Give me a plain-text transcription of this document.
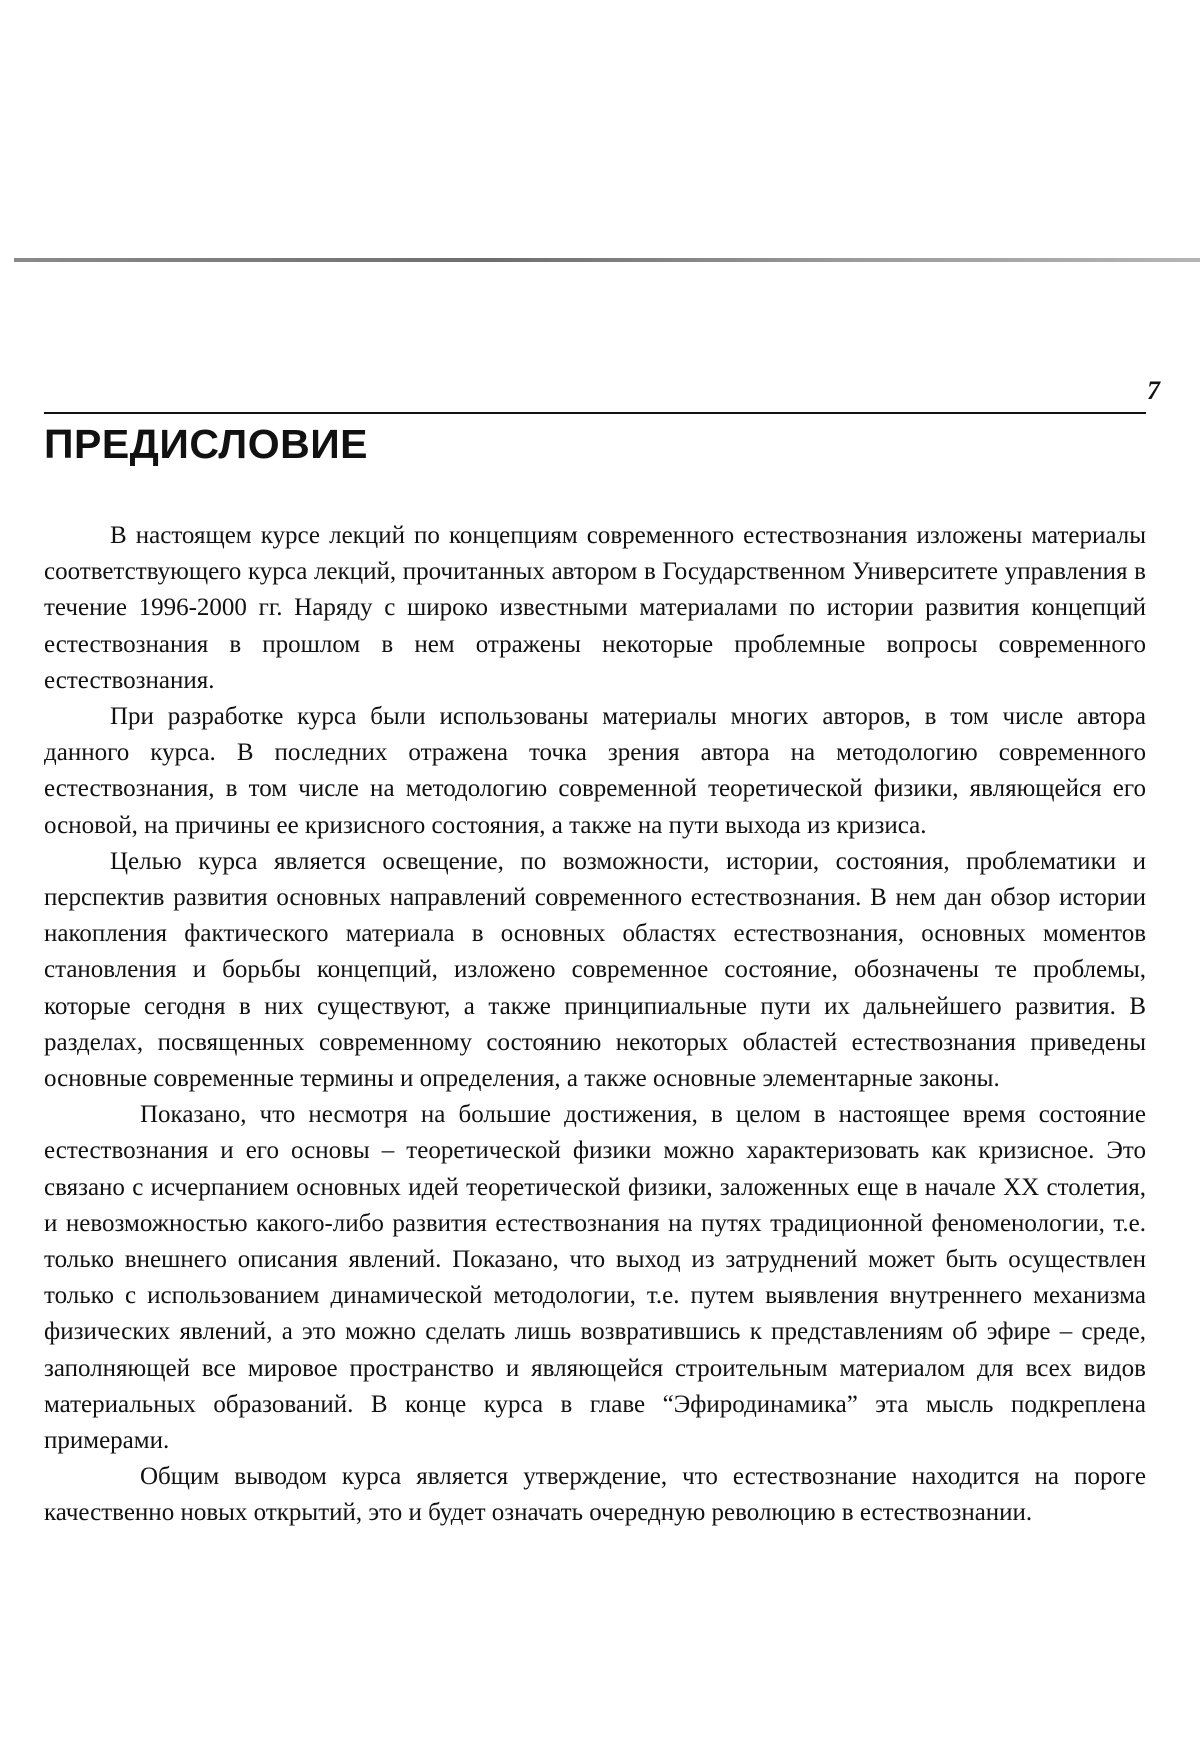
7
ПРЕДИСЛОВИЕ

В настоящем курсе лекций по концепциям современного естествознания изложены материалы соответствующего курса лекций, прочитанных автором в Государственном Университете управления в течение 1996-2000 гг. Наряду с широко известными материалами по истории развития концепций естествознания в прошлом в нем отражены некоторые проблемные вопросы современного естествознания.

При разработке курса были использованы материалы многих авторов, в том числе автора данного курса. В последних отражена точка зрения автора на методологию современного естествознания, в том числе на методологию современной теоретической физики, являющейся его основой, на причины ее кризисного состояния, а также на пути выхода из кризиса.

Целью курса является освещение, по возможности, истории, состояния, проблематики и перспектив развития основных направлений современного естествознания. В нем дан обзор истории накопления фактического материала в основных областях естествознания, основных моментов становления и борьбы концепций, изложено современное состояние, обозначены те проблемы, которые сегодня в них существуют, а также принципиальные пути их дальнейшего развития. В разделах, посвященных современному состоянию некоторых областей естествознания приведены основные современные термины и определения, а также основные элементарные законы.

Показано, что несмотря на большие достижения, в целом в настоящее время состояние естествознания и его основы – теоретической физики можно характеризовать как кризисное. Это связано с исчерпанием основных идей теоретической физики, заложенных еще в начале XX столетия, и невозможностью какого-либо развития естествознания на путях традиционной феноменологии, т.е. только внешнего описания явлений. Показано, что выход из затруднений может быть осуществлен только с использованием динамической методологии, т.е. путем выявления внутреннего механизма физических явлений, а это можно сделать лишь возвратившись к представлениям об эфире – среде, заполняющей все мировое пространство и являющейся строительным материалом для всех видов материальных образований. В конце курса в главе “Эфиродинамика” эта мысль подкреплена примерами.

Общим выводом курса является утверждение, что естествознание находится на пороге качественно новых открытий, это и будет означать очередную революцию в естествознании.
